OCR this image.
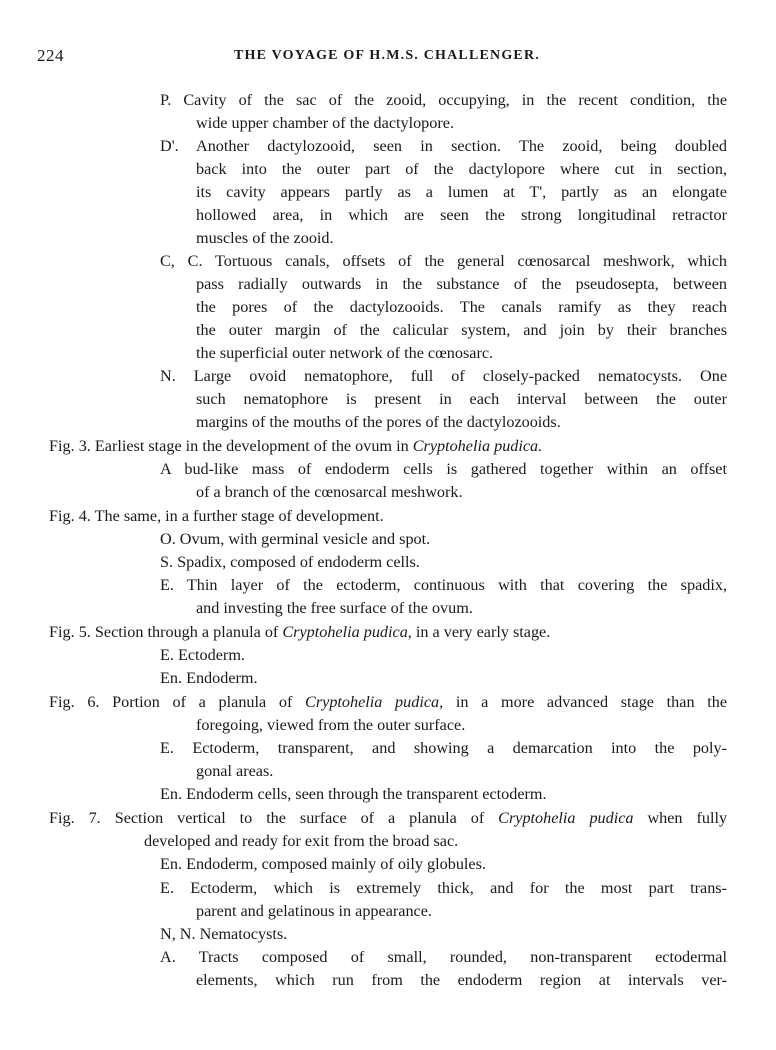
224	THE VOYAGE OF H.M.S. CHALLENGER.
P. Cavity of the sac of the zooid, occupying, in the recent condition, the
wide upper chamber of the dactylopore.
D'. Another dactylozooid, seen in section. The zooid, being doubled
back into the outer part of the dactylopore where cut in section,
its cavity appears partly as a lumen at T', partly as an elongate
hollowed area, in which are seen the strong longitudinal retractor
muscles of the zooid.
C, C. Tortuous canals, offsets of the general cœnosarcal meshwork, which
pass radially outwards in the substance of the pseudosepta, between
the pores of the dactylozooids. The canals ramify as they reach
the outer margin of the calicular system, and join by their branches
the superficial outer network of the cœnosarc.
N. Large ovoid nematophore, full of closely-packed nematocysts. One
such nematophore is present in each interval between the outer
margins of the mouths of the pores of the dactylozooids.
Fig. 3. Earliest stage in the development of the ovum in Cryptohelia pudica.
A bud-like mass of endoderm cells is gathered together within an offset
of a branch of the cœnosarcal meshwork.
Fig. 4. The same, in a further stage of development.
O. Ovum, with germinal vesicle and spot.
S. Spadix, composed of endoderm cells.
E. Thin layer of the ectoderm, continuous with that covering the spadix,
and investing the free surface of the ovum.
Fig. 5. Section through a planula of Cryptohelia pudica, in a very early stage.
E. Ectoderm.
En. Endoderm.
Fig. 6. Portion of a planula of Cryptohelia pudica, in a more advanced stage than the
foregoing, viewed from the outer surface.
E. Ectoderm, transparent, and showing a demarcation into the poly-
gonal areas.
En. Endoderm cells, seen through the transparent ectoderm.
Fig. 7. Section vertical to the surface of a planula of Cryptohelia pudica when fully
developed and ready for exit from the broad sac.
En. Endoderm, composed mainly of oily globules.
E. Ectoderm, which is extremely thick, and for the most part trans-
parent and gelatinous in appearance.
N, N. Nematocysts.
A. Tracts composed of small, rounded, non-transparent ectodermal
elements, which run from the endoderm region at intervals ver-
